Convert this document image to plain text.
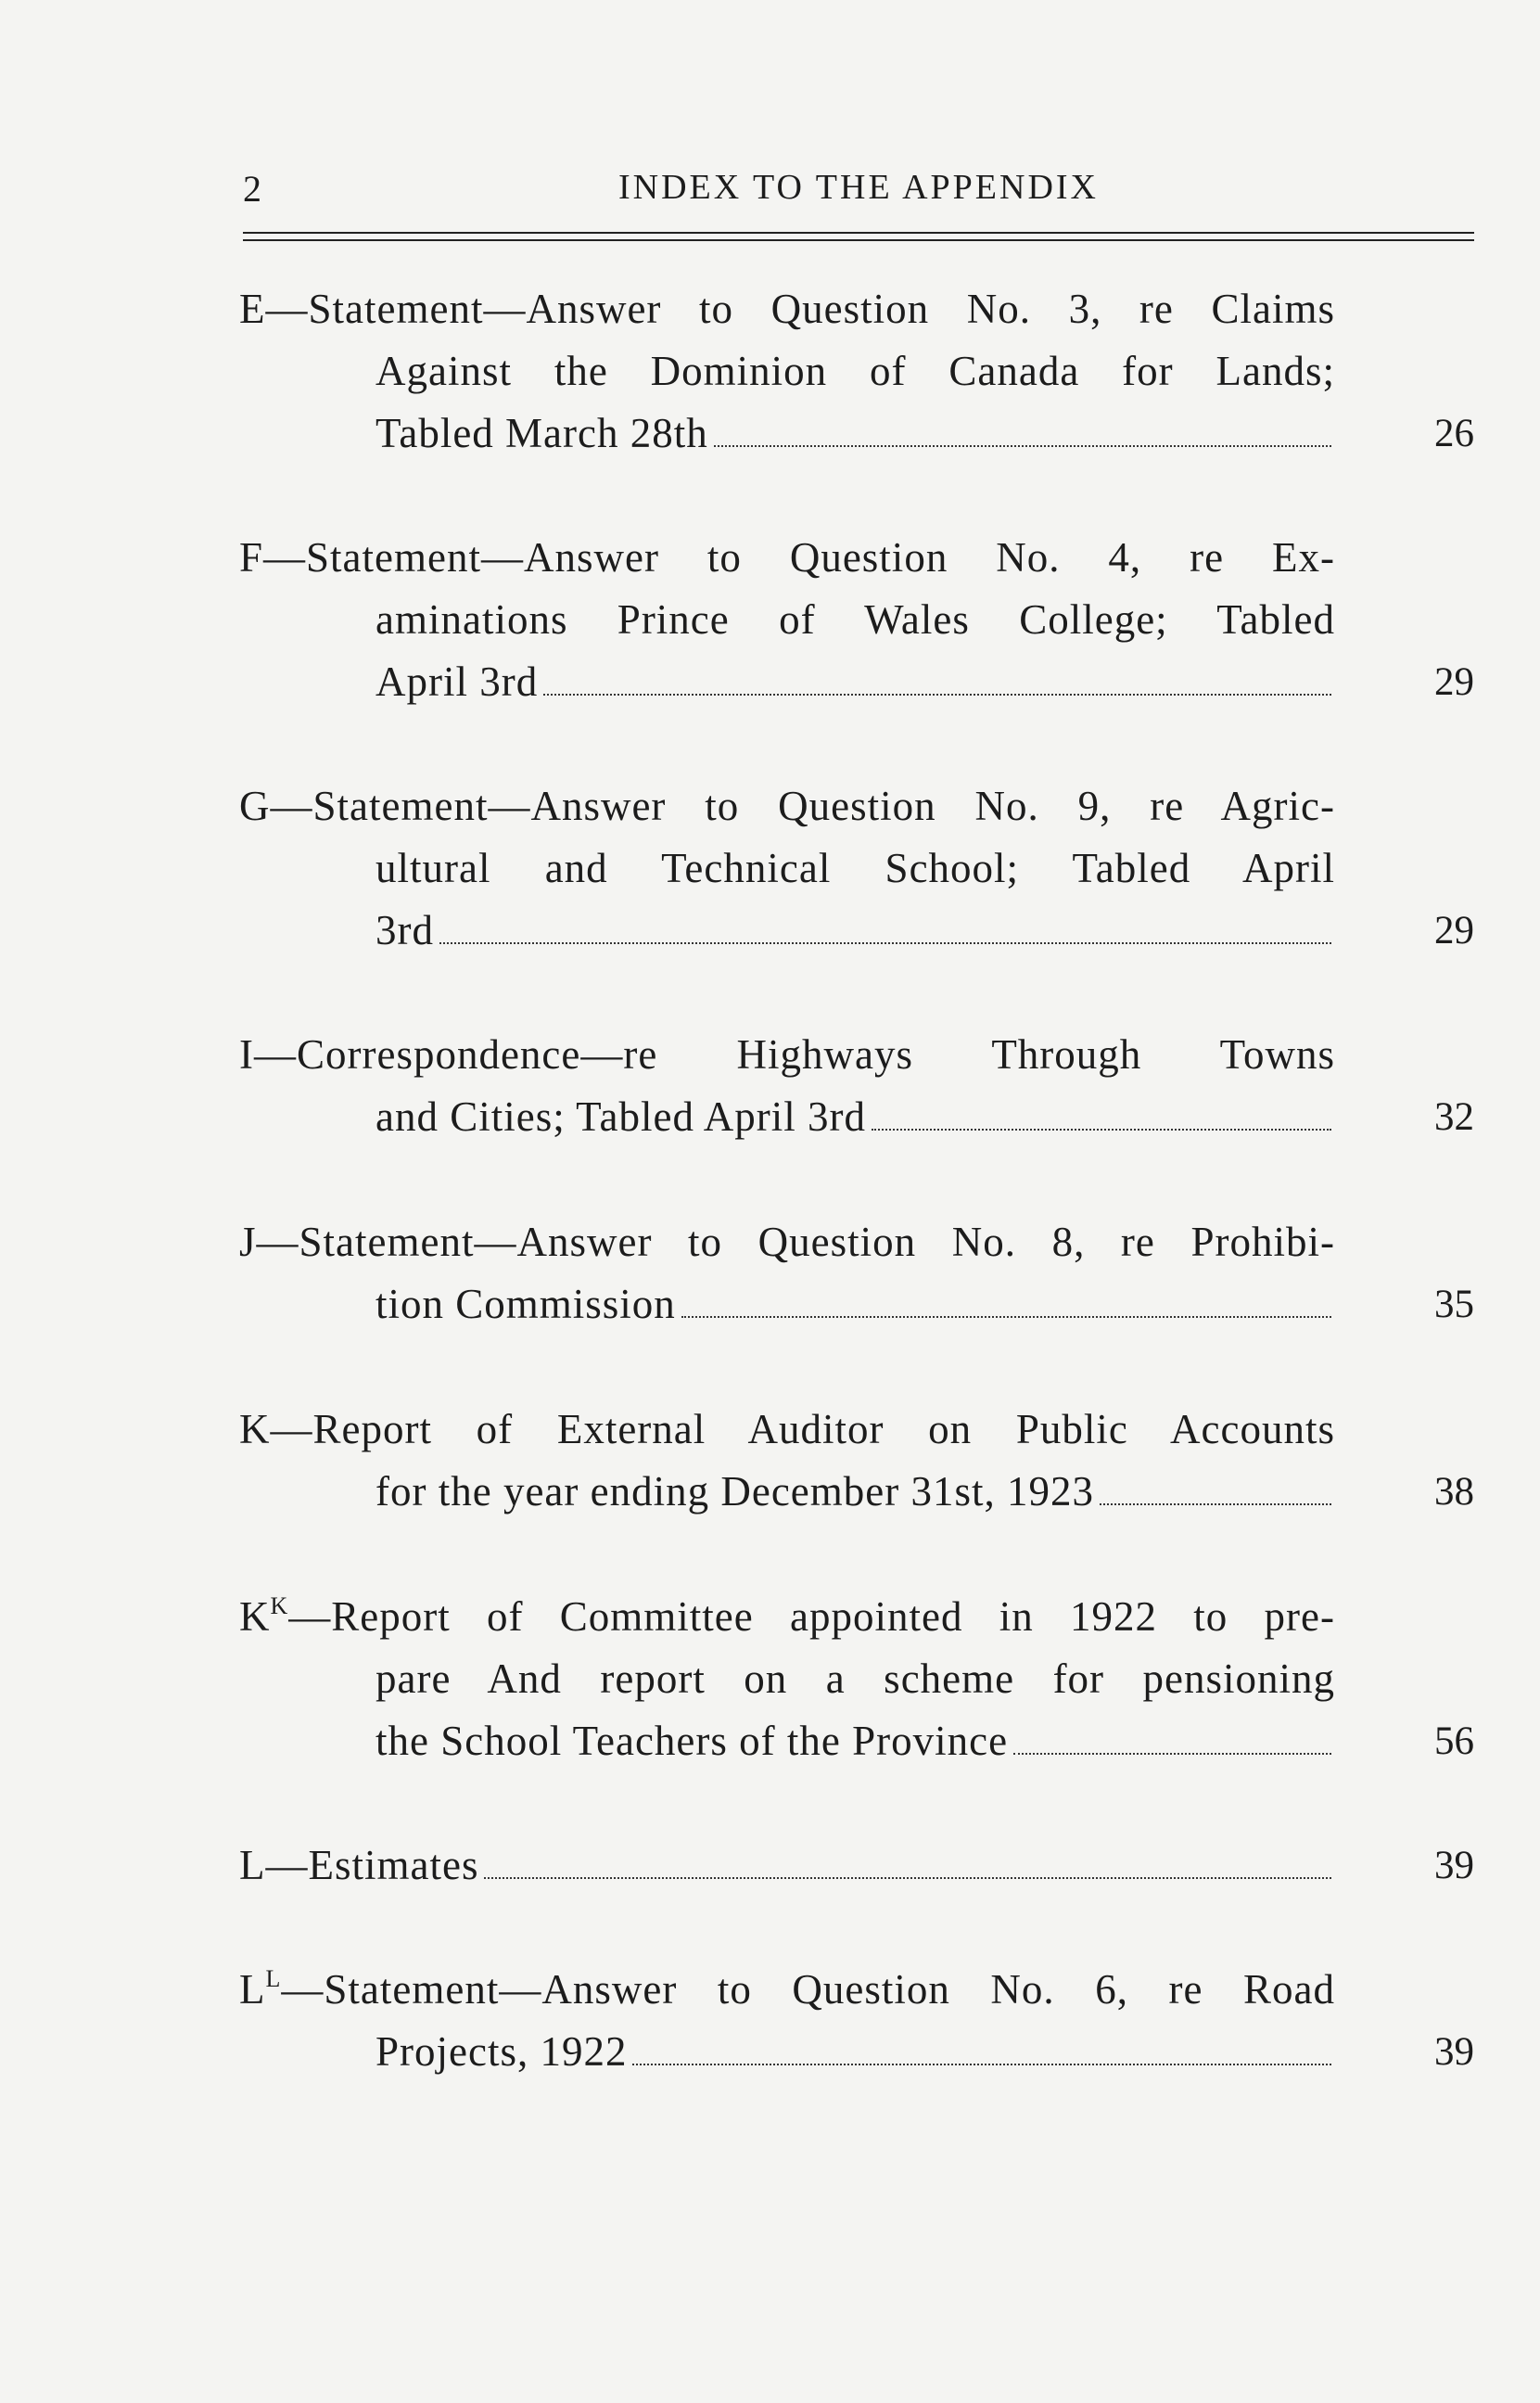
2	INDEX TO THE APPENDIX
E—Statement—Answer to Question No. 3, re Claims
Against the Dominion of Canada for Lands;
Tabled March 28th	26
F—Statement—Answer to Question No. 4, re Ex-
aminations Prince of Wales College; Tabled
April 3rd	29
G—Statement—Answer to Question No. 9, re Agric-
ultural and Technical School; Tabled April
3rd	29
I—Correspondence—re Highways Through Towns
and Cities; Tabled April 3rd	32
J—Statement—Answer to Question No. 8, re Prohibi-
tion Commission	35
K—Report of External Auditor on Public Accounts
for the year ending December 31st, 1923	38
$K^K—Report$ of Committee appointed in 1922 to pre-
pare And report on a scheme for pensioning
the School Teachers of the Province	56
L—Estimates	39
$L^L—Statement—Answer$ to Question No. 6, re Road
Projects, 1922	39
